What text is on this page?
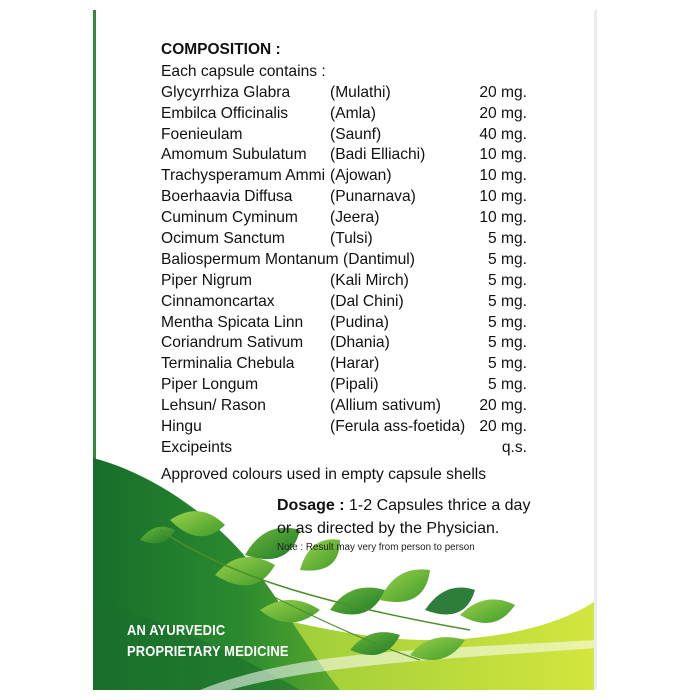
COMPOSITION :
Each capsule contains :
Glycyrrhiza Glabra	(Mulathi)	20 mg.
Embilca Officinalis	(Amla)	20 mg.
Foenieulam	(Saunf)	40 mg.
Amomum Subulatum (Badi Elliachi)	10 mg.
Trachysperamum Ammi (Ajowan)	10 mg.
Boerhaavia Diffusa (Punarnava)	10 mg.
Cuminum Cyminum (Jeera)	10 mg.
Ocimum Sanctum	(Tulsi)	5 mg.
Baliospermum Montanum (Dantimul)	5 mg.
Piper Nigrum	(Kali Mirch)	5 mg.
Cinnamoncartax	(Dal Chini)	5 mg.
Mentha Spicata Linn (Pudina)	5 mg.
Coriandrum Sativum (Dhania)	5 mg.
Terminalia Chebula (Harar)	5 mg.
Piper Longum	(Pipali)	5 mg.
Lehsun/ Rason	(Allium sativum) 20 mg.
Hingu	(Ferula ass-foetida) 20 mg.
Excipeints	q.s.
Approved colours used in empty capsule shells
Dosage : 1-2 Capsules thrice a day or as directed by the Physician.
Note : Result may very from person to person
AN AYURVEDIC
PROPRIETARY MEDICINE
